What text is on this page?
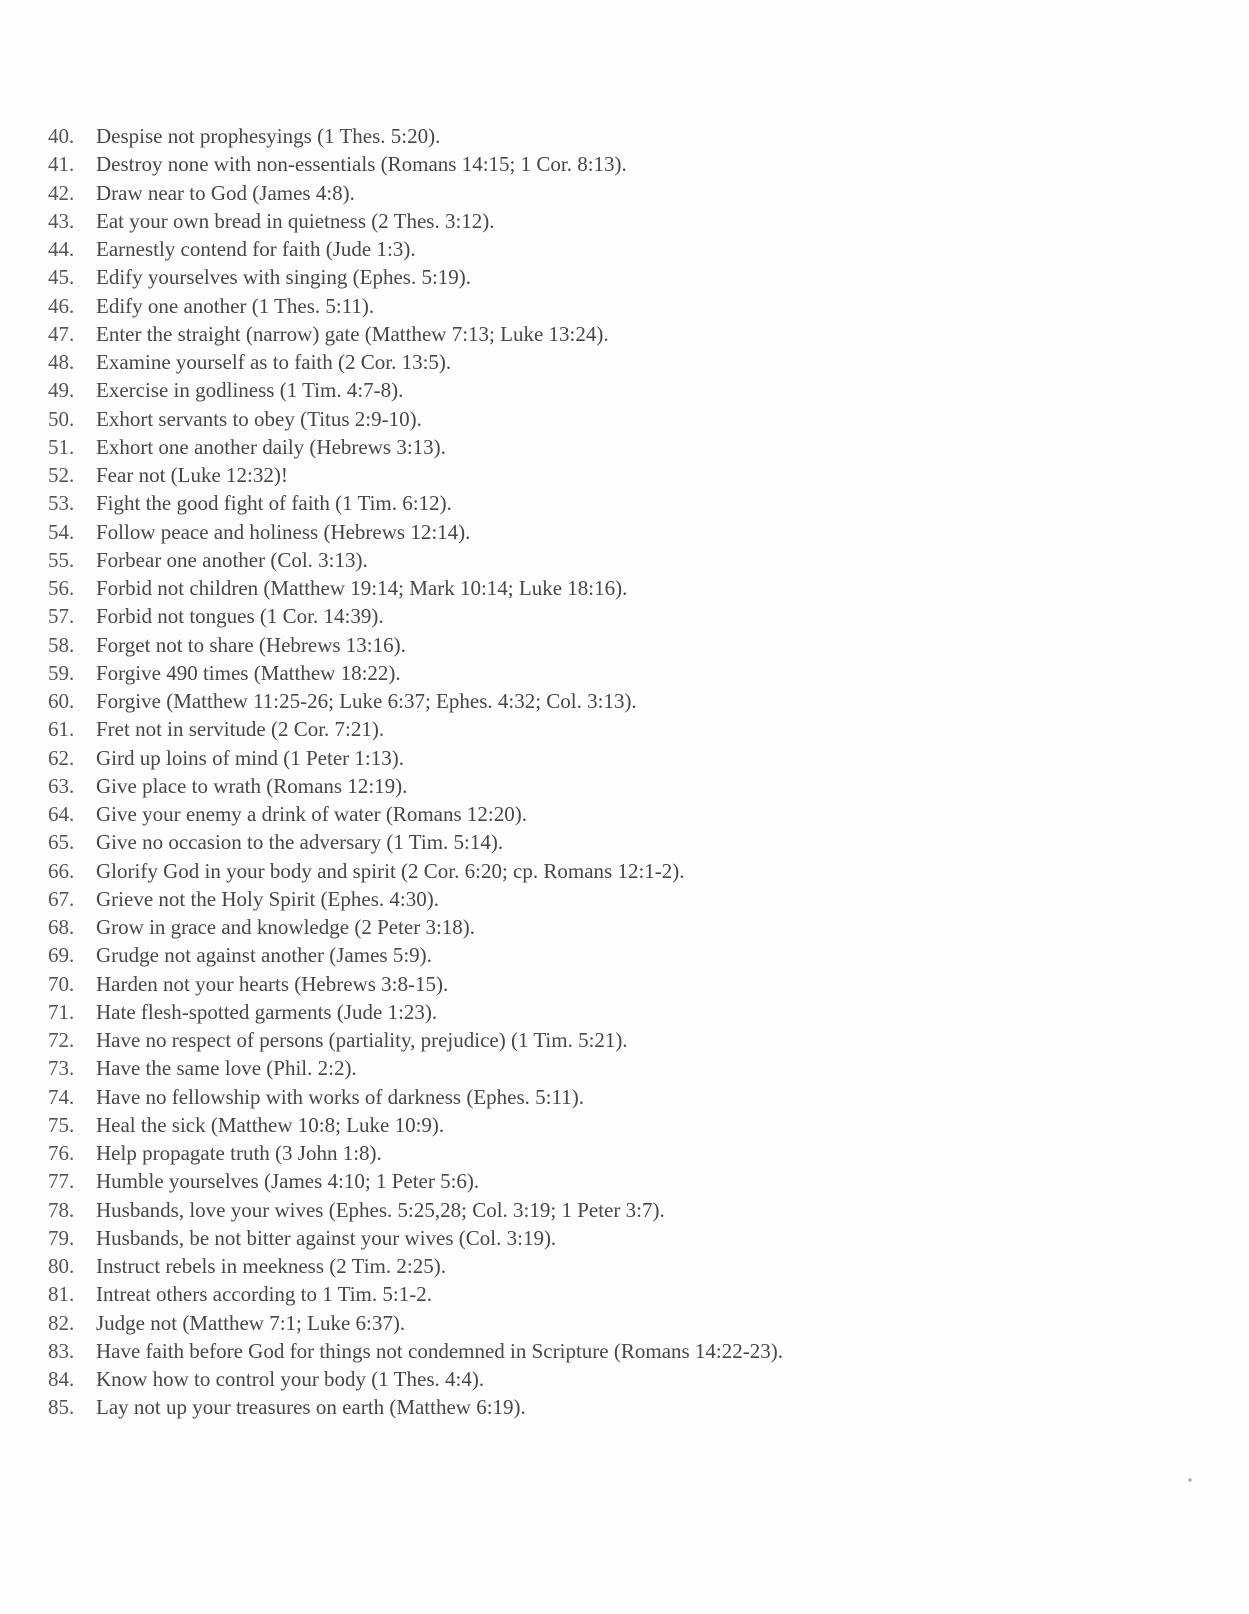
40.	Despise not prophesyings (1 Thes. 5:20).
41.	Destroy none with non-essentials (Romans 14:15; 1 Cor. 8:13).
42.	Draw near to God (James 4:8).
43.	Eat your own bread in quietness (2 Thes. 3:12).
44.	Earnestly contend for faith (Jude 1:3).
45.	Edify yourselves with singing (Ephes. 5:19).
46.	Edify one another (1 Thes. 5:11).
47.	Enter the straight (narrow) gate (Matthew 7:13; Luke 13:24).
48.	Examine yourself as to faith (2 Cor. 13:5).
49.	Exercise in godliness (1 Tim. 4:7-8).
50.	Exhort servants to obey (Titus 2:9-10).
51.	Exhort one another daily (Hebrews 3:13).
52.	Fear not (Luke 12:32)!
53.	Fight the good fight of faith (1 Tim. 6:12).
54.	Follow peace and holiness (Hebrews 12:14).
55.	Forbear one another (Col. 3:13).
56.	Forbid not children (Matthew 19:14; Mark 10:14; Luke 18:16).
57.	Forbid not tongues (1 Cor. 14:39).
58.	Forget not to share (Hebrews 13:16).
59.	Forgive 490 times (Matthew 18:22).
60.	Forgive (Matthew 11:25-26; Luke 6:37; Ephes. 4:32; Col. 3:13).
61.	Fret not in servitude (2 Cor. 7:21).
62.	Gird up loins of mind (1 Peter 1:13).
63.	Give place to wrath (Romans 12:19).
64.	Give your enemy a drink of water (Romans 12:20).
65.	Give no occasion to the adversary (1 Tim. 5:14).
66.	Glorify God in your body and spirit (2 Cor. 6:20; cp. Romans 12:1-2).
67.	Grieve not the Holy Spirit (Ephes. 4:30).
68.	Grow in grace and knowledge (2 Peter 3:18).
69.	Grudge not against another (James 5:9).
70.	Harden not your hearts (Hebrews 3:8-15).
71.	Hate flesh-spotted garments (Jude 1:23).
72.	Have no respect of persons (partiality, prejudice) (1 Tim. 5:21).
73.	Have the same love (Phil. 2:2).
74.	Have no fellowship with works of darkness (Ephes. 5:11).
75.	Heal the sick (Matthew 10:8; Luke 10:9).
76.	Help propagate truth (3 John 1:8).
77.	Humble yourselves (James 4:10; 1 Peter 5:6).
78.	Husbands, love your wives (Ephes. 5:25,28; Col. 3:19; 1 Peter 3:7).
79.	Husbands, be not bitter against your wives (Col. 3:19).
80.	Instruct rebels in meekness (2 Tim. 2:25).
81.	Intreat others according to 1 Tim. 5:1-2.
82.	Judge not (Matthew 7:1; Luke 6:37).
83.	Have faith before God for things not condemned in Scripture (Romans 14:22-23).
84.	Know how to control your body (1 Thes. 4:4).
85.	Lay not up your treasures on earth (Matthew 6:19).
